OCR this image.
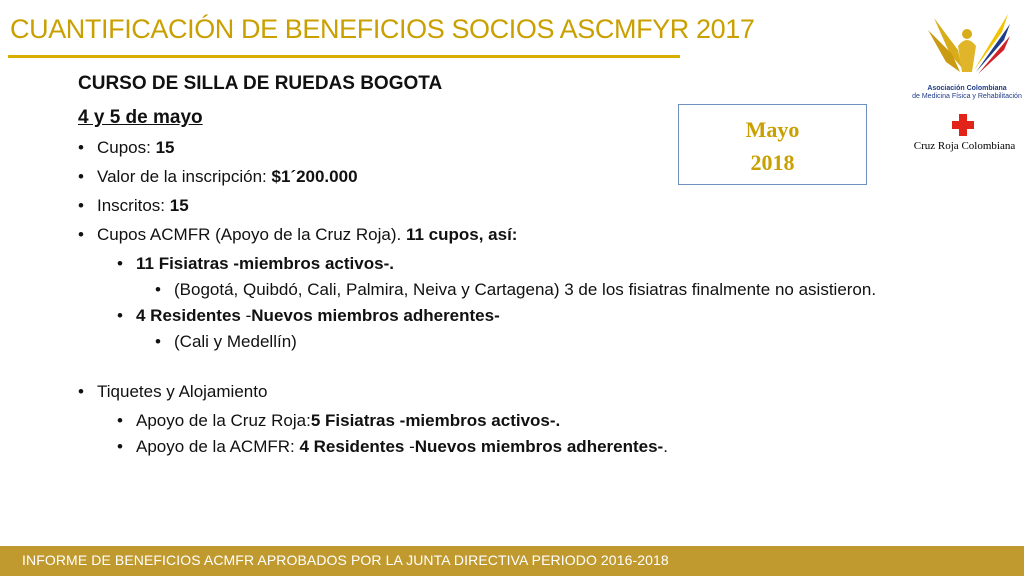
CUANTIFICACIÓN DE BENEFICIOS SOCIOS ASCMFYR 2017
Asociación Colombiana
de Medicina Física y Rehabilitación
Cruz Roja Colombiana
Mayo
2018
CURSO DE SILLA DE RUEDAS BOGOTA
4 y 5 de mayo
• Cupos: 15
• Valor de la inscripción: $1´200.000
• Inscritos: 15
• Cupos ACMFR (Apoyo de la Cruz Roja). 11 cupos, así:
• 11 Fisiatras -miembros activos-.
• (Bogotá, Quibdó, Cali, Palmira, Neiva y Cartagena) 3 de los fisiatras finalmente no asistieron.
• 4 Residentes -Nuevos miembros adherentes-
• (Cali y Medellín)
• Tiquetes y Alojamiento
• Apoyo de la Cruz Roja:5 Fisiatras -miembros activos-.
• Apoyo de la ACMFR: 4 Residentes -Nuevos miembros adherentes-.
INFORME DE BENEFICIOS ACMFR APROBADOS POR LA JUNTA DIRECTIVA PERIODO 2016-2018
